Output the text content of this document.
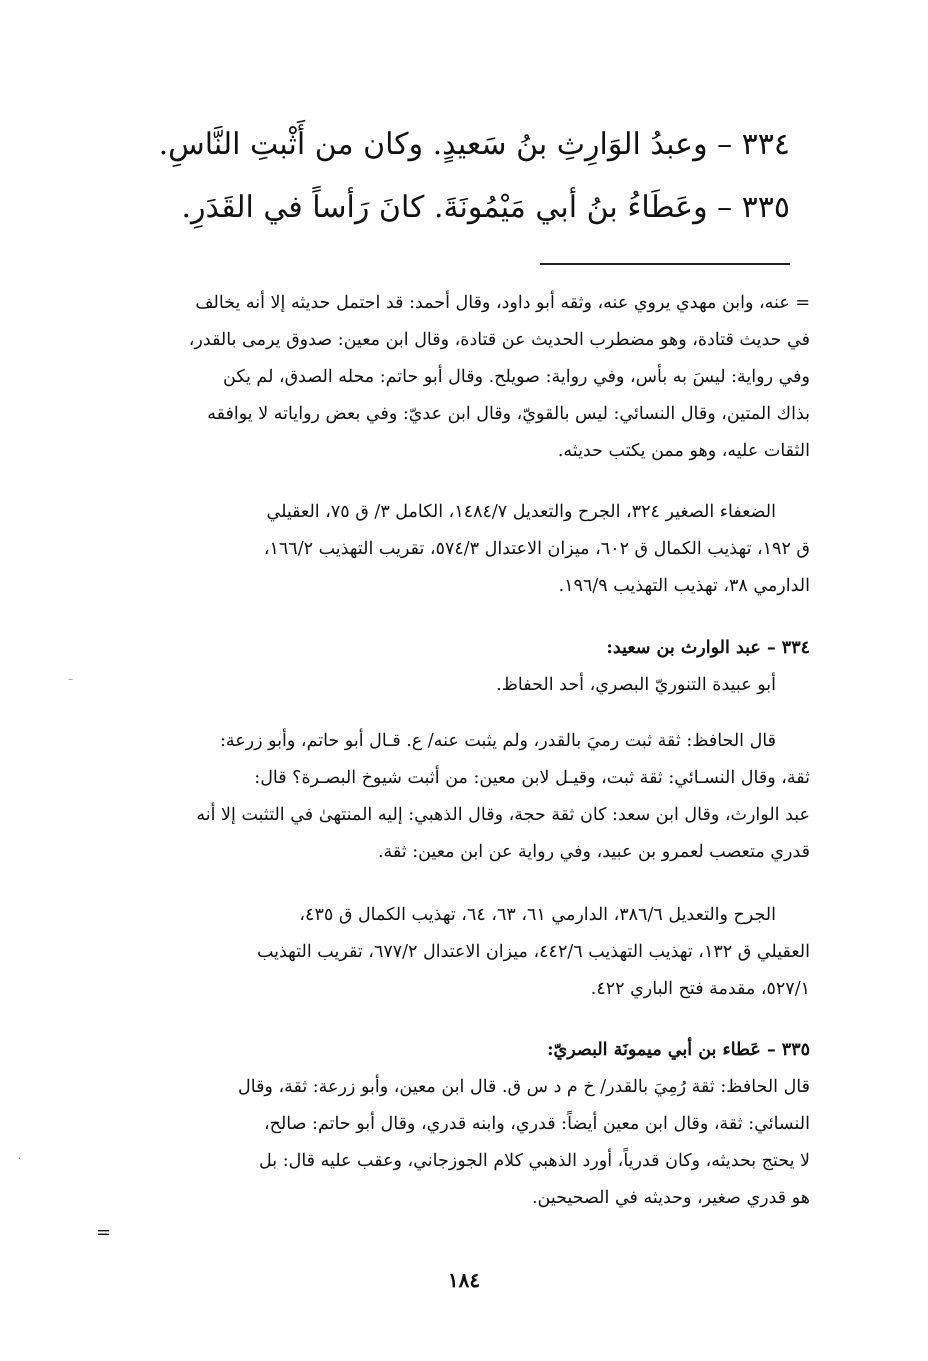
٣٣٤ – وعبدُ الوَارِثِ بنُ سَعيدٍ. وكان من أَثْبتِ النَّاسِ.
٣٣٥ – وعَطَاءُ بنُ أبي مَيْمُونَةَ. كانَ رَأساً في القَدَرِ.
= عنه، وابن مهدي يروي عنه، وثقه أبو داود، وقال أحمد: قد احتمل حديثه إلا أنه يخالف
في حديث قتادة، وهو مضطرب الحديث عن قتادة، وقال ابن معين: صدوق يرمى بالقدر،
وفي رواية: ليسَ به بأس، وفي رواية: صويلح. وقال أبو حاتم: محله الصدق، لم يكن
بذاك المتين، وقال النسائي: ليس بالقويّ، وقال ابن عديّ: وفي بعض رواياته لا يوافقه
الثقات عليه، وهو ممن يكتب حديثه.
الضعفاء الصغير ٣٢٤، الجرح والتعديل ١٤٨٤/٧، الكامل ٣/ ق ٧٥، العقيلي
ق ١٩٢، تهذيب الكمال ق ٦٠٢، ميزان الاعتدال ٥٧٤/٣، تقريب التهذيب ١٦٦/٢،
الدارمي ٣٨، تهذيب التهذيب ١٩٦/٩.
٣٣٤ – عبد الوارث بن سعيد:
أبو عبيدة التنوريّ البصري، أحد الحفاظ.
قال الحافظ: ثقة ثبت رميَ بالقدر، ولم يثبت عنه/ ع. قـال أبو حاتم، وأبو زرعة:
ثقة، وقال النسـائي: ثقة ثبت، وقيـل لابن معين: من أثبت شيوخ البصـرة؟ قال:
عبد الوارث، وقال ابن سعد: كان ثقة حجة، وقال الذهبي: إليه المنتهىٰ في التثبت إلا أنه
قدري متعصب لعمرو بن عبيد، وفي رواية عن ابن معين: ثقة.
الجرح والتعديل ٣٨٦/٦، الدارمي ٦١، ٦٣، ٦٤، تهذيب الكمال ق ٤٣٥،
العقيلي ق ١٣٢، تهذيب التهذيب ٤٤٢/٦، ميزان الاعتدال ٦٧٧/٢، تقريب التهذيب
٥٢٧/١، مقدمة فتح الباري ٤٢٢.
٣٣٥ – عَطاء بن أبي ميمونَة البصريّ:
قال الحافظ: ثقة رُمِيَ بالقدر/ خ م د س ق. قال ابن معين، وأبو زرعة: ثقة، وقال
النسائي: ثقة، وقال ابن معين أيضاً: قدري، وابنه قدري، وقال أبو حاتم: صالح،
لا يحتج بحديثه، وكان قدرياً، أورد الذهبي كلام الجوزجاني، وعقب عليه قال: بل
هو قدري صغير، وحديثه في الصحيحين.
=
١٨٤
–
·
